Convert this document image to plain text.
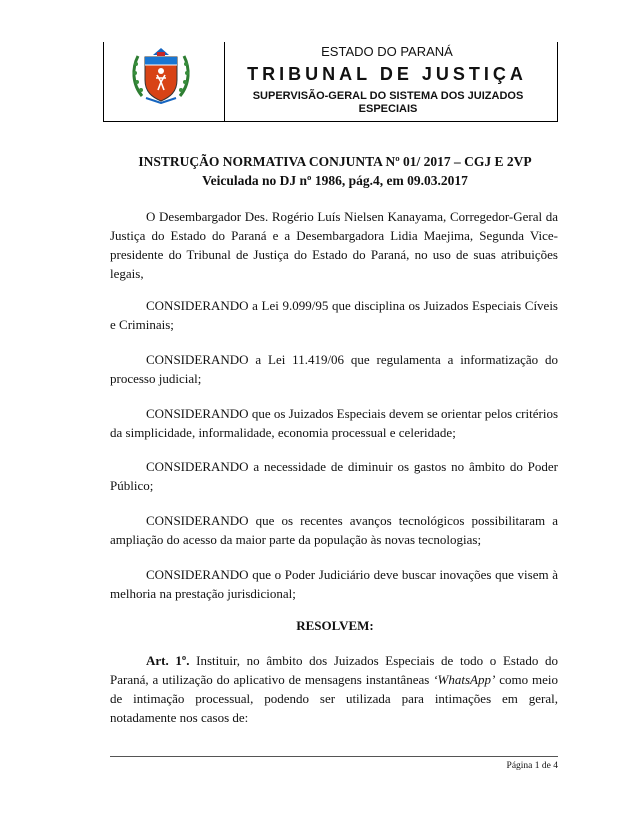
ESTADO DO PARANÁ
TRIBUNAL DE JUSTIÇA
SUPERVISÃO-GERAL DO SISTEMA DOS JUIZADOS ESPECIAIS
INSTRUÇÃO NORMATIVA CONJUNTA Nº 01/ 2017 – CGJ E 2VP
Veiculada no DJ nº 1986, pág.4, em 09.03.2017

O Desembargador Des. Rogério Luís Nielsen Kanayama, Corregedor-Geral da Justiça do Estado do Paraná e a Desembargadora Lidia Maejima, Segunda Vice-presidente do Tribunal de Justiça do Estado do Paraná, no uso de suas atribuições legais,

CONSIDERANDO a Lei 9.099/95 que disciplina os Juizados Especiais Cíveis e Criminais;

CONSIDERANDO a Lei 11.419/06 que regulamenta a informatização do processo judicial;

CONSIDERANDO que os Juizados Especiais devem se orientar pelos critérios da simplicidade, informalidade, economia processual e celeridade;

CONSIDERANDO a necessidade de diminuir os gastos no âmbito do Poder Público;

CONSIDERANDO que os recentes avanços tecnológicos possibilitaram a ampliação do acesso da maior parte da população às novas tecnologias;

CONSIDERANDO que o Poder Judiciário deve buscar inovações que visem à melhoria na prestação jurisdicional;

RESOLVEM:

Art. 1º. Instituir, no âmbito dos Juizados Especiais de todo o Estado do Paraná, a utilização do aplicativo de mensagens instantâneas ‘WhatsApp’ como meio de intimação processual, podendo ser utilizada para intimações em geral, notadamente nos casos de:

Página 1 de 4
